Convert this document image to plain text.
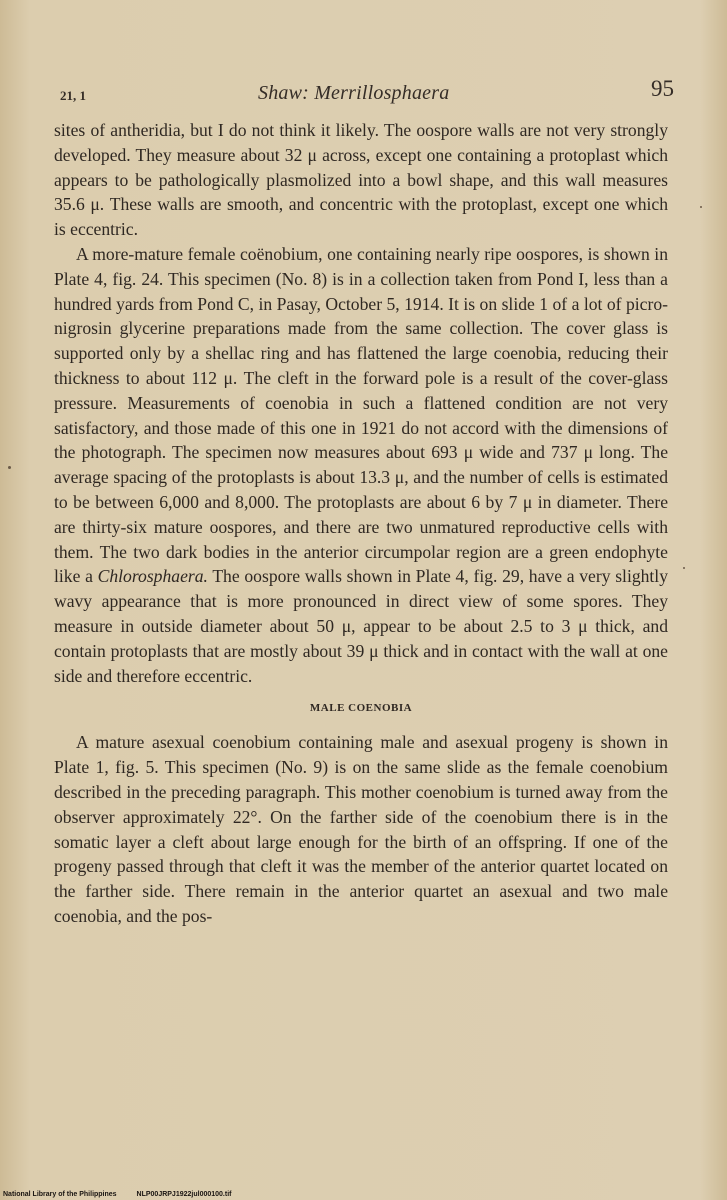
21, 1	Shaw: Merrillosphaera	95

sites of antheridia, but I do not think it likely. The oospore walls are not very strongly developed. They measure about 32 μ across, except one containing a protoplast which appears to be pathologically plasmolized into a bowl shape, and this wall measures 35.6 μ. These walls are smooth, and concentric with the protoplast, except one which is eccentric.

A more-mature female coënobium, one containing nearly ripe oospores, is shown in Plate 4, fig. 24. This specimen (No. 8) is in a collection taken from Pond I, less than a hundred yards from Pond C, in Pasay, October 5, 1914. It is on slide 1 of a lot of picro-nigrosin glycerine preparations made from the same collection. The cover glass is supported only by a shellac ring and has flattened the large coenobia, reducing their thickness to about 112 μ. The cleft in the forward pole is a result of the cover-glass pressure. Measurements of coenobia in such a flattened condition are not very satisfactory, and those made of this one in 1921 do not accord with the dimensions of the photograph. The specimen now measures about 693 μ wide and 737 μ long. The average spacing of the protoplasts is about 13.3 μ, and the number of cells is estimated to be between 6,000 and 8,000. The protoplasts are about 6 by 7 μ in diameter. There are thirty-six mature oospores, and there are two unmatured reproductive cells with them. The two dark bodies in the anterior circumpolar region are a green endophyte like a Chlorosphaera. The oospore walls shown in Plate 4, fig. 29, have a very slightly wavy appearance that is more pronounced in direct view of some spores. They measure in outside diameter about 50 μ, appear to be about 2.5 to 3 μ thick, and contain protoplasts that are mostly about 39 μ thick and in contact with the wall at one side and therefore eccentric.

MALE COENOBIA

A mature asexual coenobium containing male and asexual progeny is shown in Plate 1, fig. 5. This specimen (No. 9) is on the same slide as the female coenobium described in the preceding paragraph. This mother coenobium is turned away from the observer approximately 22°. On the farther side of the coenobium there is in the somatic layer a cleft about large enough for the birth of an offspring. If one of the progeny passed through that cleft it was the member of the anterior quartet located on the farther side. There remain in the anterior quartet an asexual and two male coenobia, and the pos-

National Library of the Philippines	NLP00JRPJ1922jul000100.tif
